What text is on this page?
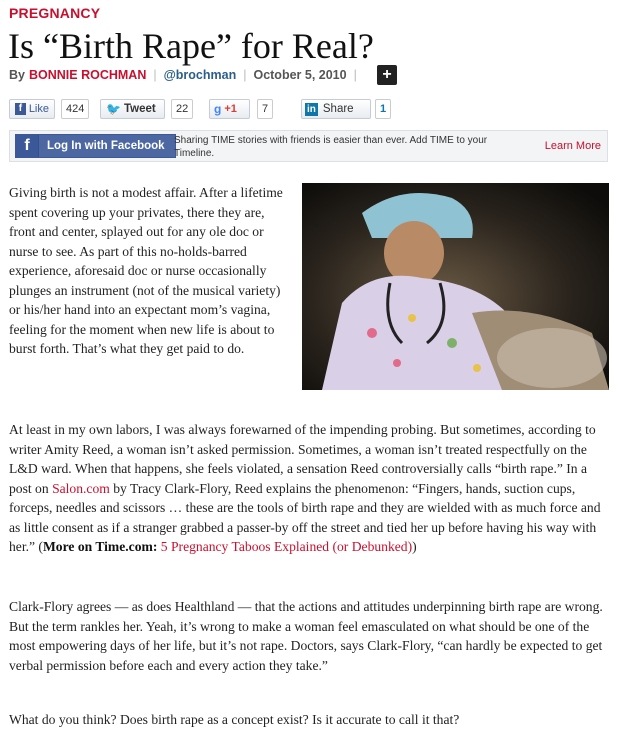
PREGNANCY
Is “Birth Rape” for Real?
By BONNIE ROCHMAN | @brochman | October 5, 2010 |	+
f Like	424	🐦 Tweet	22	g +1	7	in Share	1
f	Log In with Facebook Sharing TIME stories with friends is easier than ever. Add TIME to your Timeline.
Learn More

Giving birth is not a modest affair. After a lifetime spent covering up your privates, there they are, front and center, splayed out for any ole doc or nurse to see. As part of this no-holds-barred experience, aforesaid doc or nurse occasionally plunges an instrument (not of the musical variety) or his/her hand into an expectant mom’s vagina, feeling for the moment when new life is about to burst forth. That’s what they get paid to do.

At least in my own labors, I was always forewarned of the impending probing. But sometimes, according to writer Amity Reed, a woman isn’t asked permission. Sometimes, a woman isn’t treated respectfully on the L&D ward. When that happens, she feels violated, a sensation Reed controversially calls “birth rape.” In a post on Salon.com by Tracy Clark-Flory, Reed explains the phenomenon: “Fingers, hands, suction cups, forceps, needles and scissors … these are the tools of birth rape and they are wielded with as much force and as little consent as if a stranger grabbed a passer-by off the street and tied her up before having his way with her.” (More on Time.com: 5 Pregnancy Taboos Explained (or Debunked))

Clark-Flory agrees — as does Healthland — that the actions and attitudes underpinning birth rape are wrong. But the term rankles her. Yeah, it’s wrong to make a woman feel emasculated on what should be one of the most empowering days of her life, but it’s not rape. Doctors, says Clark-Flory, “can hardly be expected to get verbal permission before each and every action they take.”

What do you think? Does birth rape as a concept exist? Is it accurate to call it that?
